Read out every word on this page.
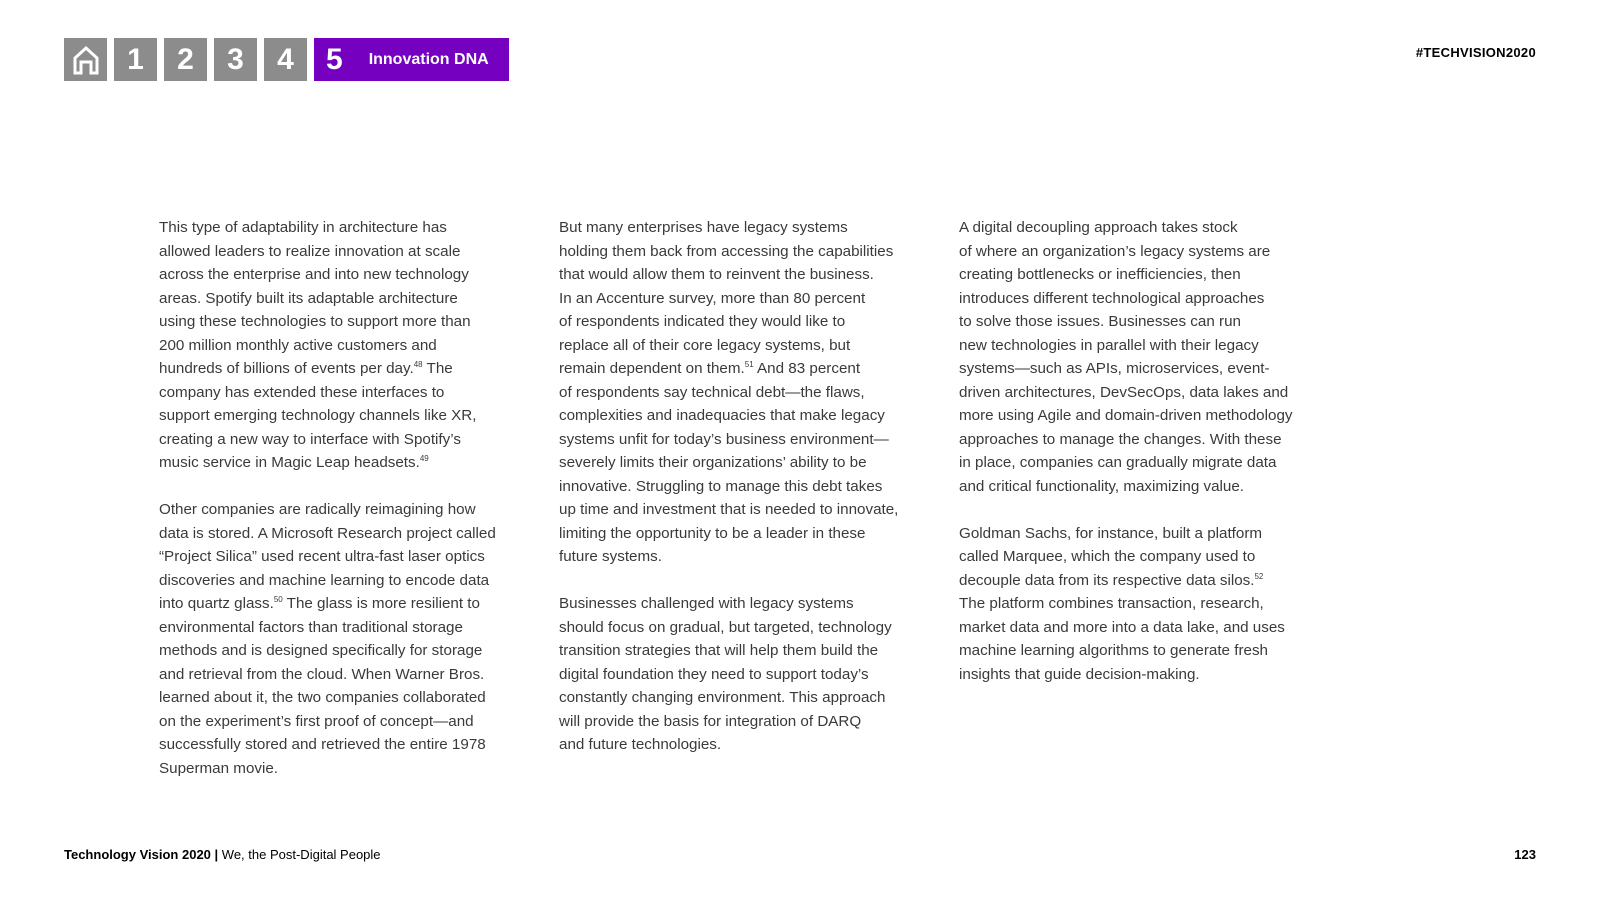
1	2	3	4	5 Innovation DNA	#TECHVISION2020

This type of adaptability in architecture has
allowed leaders to realize innovation at scale
across the enterprise and into new technology
areas. Spotify built its adaptable architecture
using these technologies to support more than
200 million monthly active customers and
hundreds of billions of events per day.$^{48}$ The
company has extended these interfaces to
support emerging technology channels like XR,
creating a new way to interface with Spotify’s
music service in Magic Leap headsets.$^{49}$

Other companies are radically reimagining how
data is stored. A Microsoft Research project called
“Project Silica” used recent ultra-fast laser optics
discoveries and machine learning to encode data
into quartz glass.$^{50}$ The glass is more resilient to
environmental factors than traditional storage
methods and is designed specifically for storage
and retrieval from the cloud. When Warner Bros.
learned about it, the two companies collaborated
on the experiment’s first proof of concept—and
successfully stored and retrieved the entire 1978
Superman movie.

But many enterprises have legacy systems
holding them back from accessing the capabilities
that would allow them to reinvent the business.
In an Accenture survey, more than 80 percent
of respondents indicated they would like to
replace all of their core legacy systems, but
remain dependent on them.$^{51}$ And 83 percent
of respondents say technical debt—the flaws,
complexities and inadequacies that make legacy
systems unfit for today’s business environment—
severely limits their organizations’ ability to be
innovative. Struggling to manage this debt takes
up time and investment that is needed to innovate,
limiting the opportunity to be a leader in these
future systems.

Businesses challenged with legacy systems
should focus on gradual, but targeted, technology
transition strategies that will help them build the
digital foundation they need to support today’s
constantly changing environment. This approach
will provide the basis for integration of DARQ
and future technologies.

A digital decoupling approach takes stock
of where an organization’s legacy systems are
creating bottlenecks or inefficiencies, then
introduces different technological approaches
to solve those issues. Businesses can run
new technologies in parallel with their legacy
systems—such as APIs, microservices, event-
driven architectures, DevSecOps, data lakes and
more using Agile and domain-driven methodology
approaches to manage the changes. With these
in place, companies can gradually migrate data
and critical functionality, maximizing value.

Goldman Sachs, for instance, built a platform
called Marquee, which the company used to
decouple data from its respective data silos.$^{52}$
The platform combines transaction, research,
market data and more into a data lake, and uses
machine learning algorithms to generate fresh
insights that guide decision-making.

Technology Vision 2020 | We, the Post-Digital People	123
